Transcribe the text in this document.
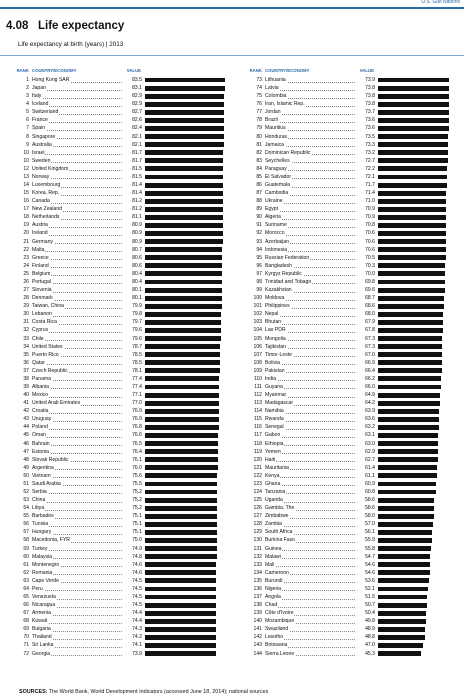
U.S. Gulf Nations
4.08 Life expectancy
Life expectancy at birth (years) | 2013
RANK COUNTRY/ECONOMY	VALUE
1 Hong Kong SAR	83.5
2 Japan	83.1
3 Italy	82.9
4 Iceland	82.9
5 Switzerland	82.7
6 France	82.6
7 Spain	82.4
8 Singapore	82.1
9 Australia	82.1
10 Israel	81.7
10 Sweden	81.7
12 United Kingdom	81.5
13 Norway	81.5
14 Luxembourg	81.4
15 Korea, Rep.	81.4
16 Canada	81.2
17 New Zealand	81.2
18 Netherlands	81.1
19 Austria	80.9
20 Ireland	80.9
21 Germany	80.9
22 Malta	80.7
23 Greece	80.6
24 Finland	80.6
25 Belgium	80.4
26 Portugal	80.4
27 Slovenia	80.1
28 Denmark	80.1
29 Taiwan, China	79.9
30 Lebanon	79.8
31 Costa Rica	79.7
32 Cyprus	79.6
33 Chile	79.6
34 United States	78.7
35 Puerto Rico	78.5
36 Qatar	78.5
37 Czech Republic	78.1
38 Panama	77.4
39 Albania	77.4
40 Mexico	77.1
41 United Arab Emirates	77.0
42 Croatia	76.9
43 Uruguay	76.9
44 Poland	76.8
45 Oman	76.6
46 Bahrain	76.5
47 Estonia	76.4
48 Slovak Republic	76.1
49 Argentina	76.0
50 Vietnam	75.6
51 Saudi Arabia	75.5
52 Serbia	75.2
53 China	75.2
54 Libya	75.2
55 Barbados	75.1
56 Tunisia	75.1
57 Hungary	75.1
58 Macedonia, FYR	75.0
59 Turkey	74.9
60 Malaysia	74.8
61 Montenegro	74.6
62 Romania	74.6
63 Cape Verde	74.5
64 Peru	74.5
65 Venezuela	74.5
66 Nicaragua	74.5
67 Armenia	74.4
68 Kuwait	74.4
69 Bulgaria	74.3
70 Thailand	74.2
71 Sri Lanka	74.1
72 Georgia	73.9
RANK COUNTRY/ECONOMY	VALUE
73 Lithuania	73.9
74 Latvia	73.8
75 Colombia	73.8
76 Iran, Islamic Rep.	73.8
77 Jordan	73.7
78 Brazil	73.6
79 Mauritius	73.6
80 Honduras	73.5
81 Jamaica	73.3
82 Dominican Republic	73.2
83 Seychelles	72.7
84 Paraguay	72.2
85 El Salvador	72.1
86 Guatemala	71.7
87 Cambodia	71.4
88 Ukraine	71.0
89 Egypt	70.9
90 Algeria	70.9
91 Suriname	70.8
92 Morocco	70.6
93 Azerbaijan	70.6
94 Indonesia	70.6
95 Russian Federation	70.5
96 Bangladesh	70.3
97 Kyrgyz Republic	70.0
98 Trinidad and Tobago	69.8
99 Kazakhstan	69.6
100 Moldova	68.7
101 Philippines	68.6
102 Nepal	68.0
103 Bhutan	67.9
104 Lao PDR	67.8
105 Mongolia	67.3
106 Tajikistan	67.3
107 Timor-Leste	67.0
108 Bolivia	66.9
109 Pakistan	66.4
110 India	66.2
111 Guyana	66.0
112 Myanmar	64.9
113 Madagascar	64.2
114 Namibia	63.9
115 Rwanda	63.6
116 Senegal	63.2
117 Gabon	63.1
118 Ethiopia	63.0
119 Yemen	62.9
120 Haiti	62.7
121 Mauritania	61.4
122 Kenya	61.1
123 Ghana	60.9
124 Tanzania	60.8
125 Uganda	58.6
126 Gambia, The	58.6
127 Zimbabwe	58.0
128 Zambia	57.0
129 South Africa	56.1
130 Burkina Faso	55.9
131 Guinea	55.8
132 Malawi	54.7
133 Mali	54.6
134 Cameroon	54.6
135 Burundi	53.6
136 Nigeria	52.1
137 Angola	51.5
138 Chad	50.7
139 Côte d'Ivoire	50.4
140 Mozambique	49.8
141 Swaziland	48.9
142 Lesotho	48.8
143 Botswana	47.0
144 Sierra Leone	45.3
SOURCES: The World Bank, World Development Indicators (accessed June 18, 2014); national sources
